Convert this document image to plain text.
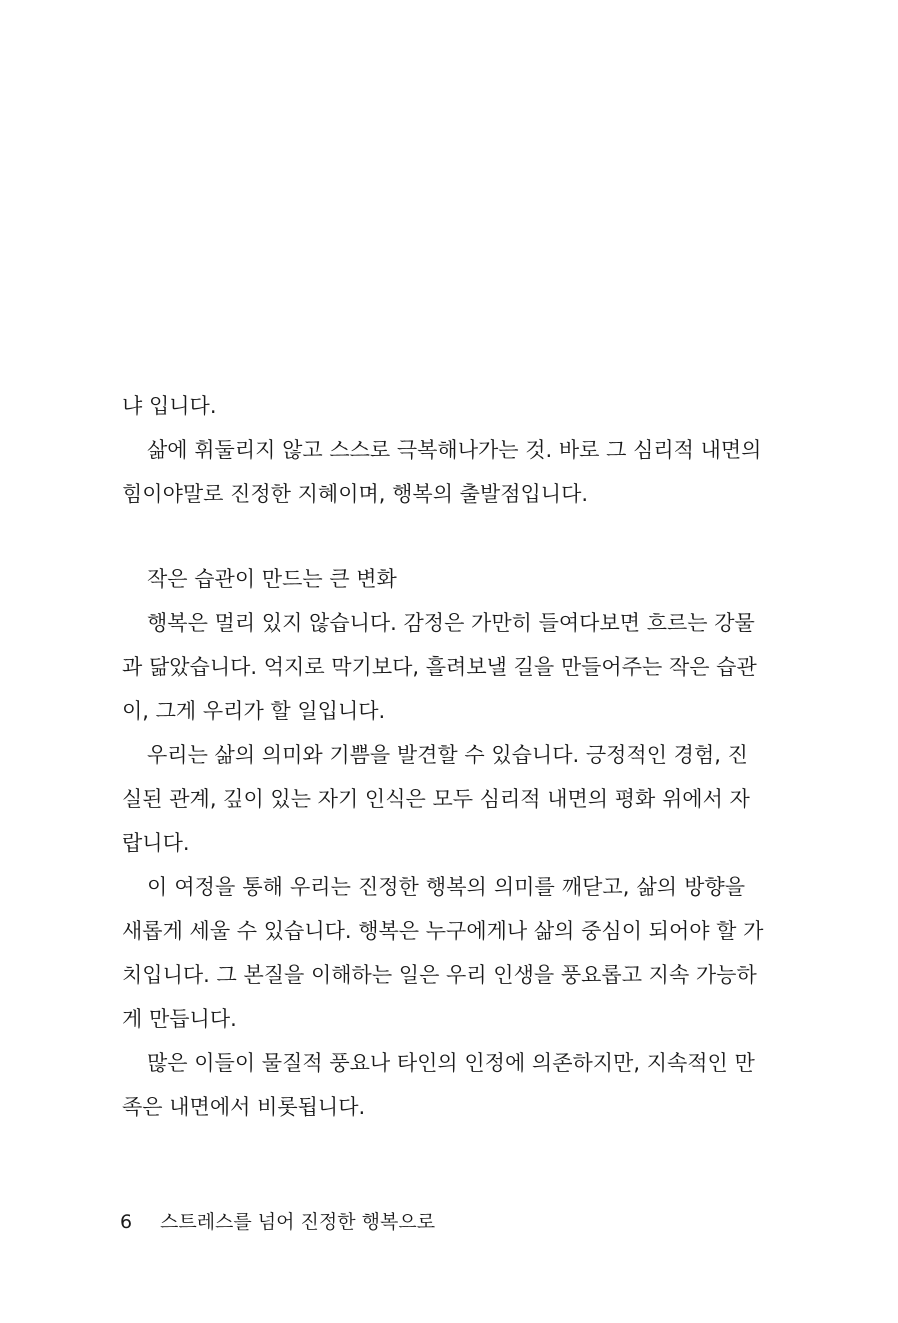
냐 입니다.
삶에 휘둘리지 않고 스스로 극복해나가는 것. 바로 그 심리적 내면의
힘이야말로 진정한 지혜이며, 행복의 출발점입니다.
작은 습관이 만드는 큰 변화
행복은 멀리 있지 않습니다. 감정은 가만히 들여다보면 흐르는 강물
과 닮았습니다. 억지로 막기보다, 흘려보낼 길을 만들어주는 작은 습관
이, 그게 우리가 할 일입니다.
우리는 삶의 의미와 기쁨을 발견할 수 있습니다. 긍정적인 경험, 진
실된 관계, 깊이 있는 자기 인식은 모두 심리적 내면의 평화 위에서 자
랍니다.
이 여정을 통해 우리는 진정한 행복의 의미를 깨닫고, 삶의 방향을
새롭게 세울 수 있습니다. 행복은 누구에게나 삶의 중심이 되어야 할 가
치입니다. 그 본질을 이해하는 일은 우리 인생을 풍요롭고 지속 가능하
게 만듭니다.
많은 이들이 물질적 풍요나 타인의 인정에 의존하지만, 지속적인 만
족은 내면에서 비롯됩니다.
6 스트레스를 넘어 진정한 행복으로
